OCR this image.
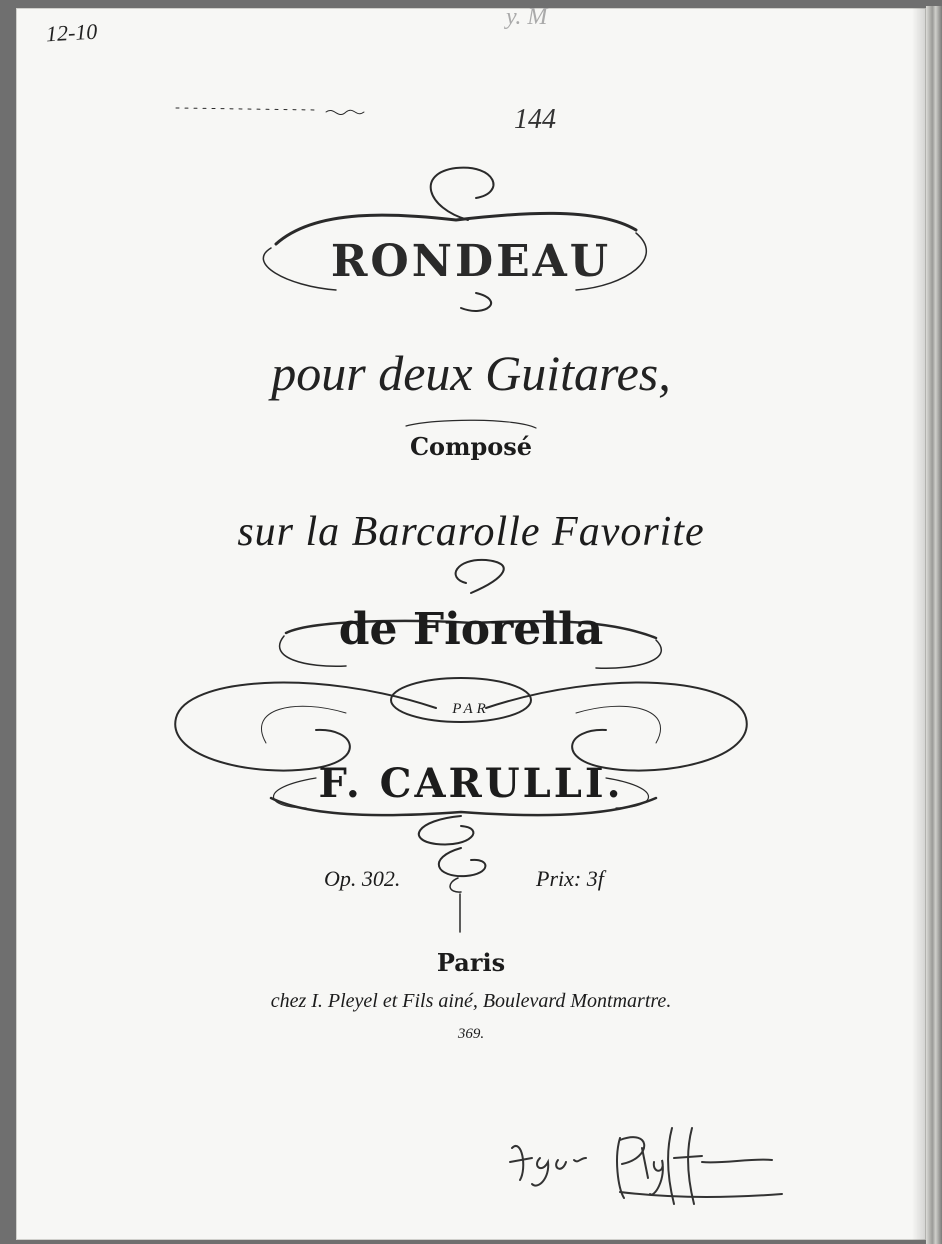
12-10
y. M
144
RONDEAU
pour deux Guitares,
Composé
sur la Barcarolle Favorite
de Fiorella
PAR
F. CARULLI.
Op. 302.	Prix: 3f
Paris
chez I. Pleyel et Fils ainé, Boulevard Montmartre.
369.
